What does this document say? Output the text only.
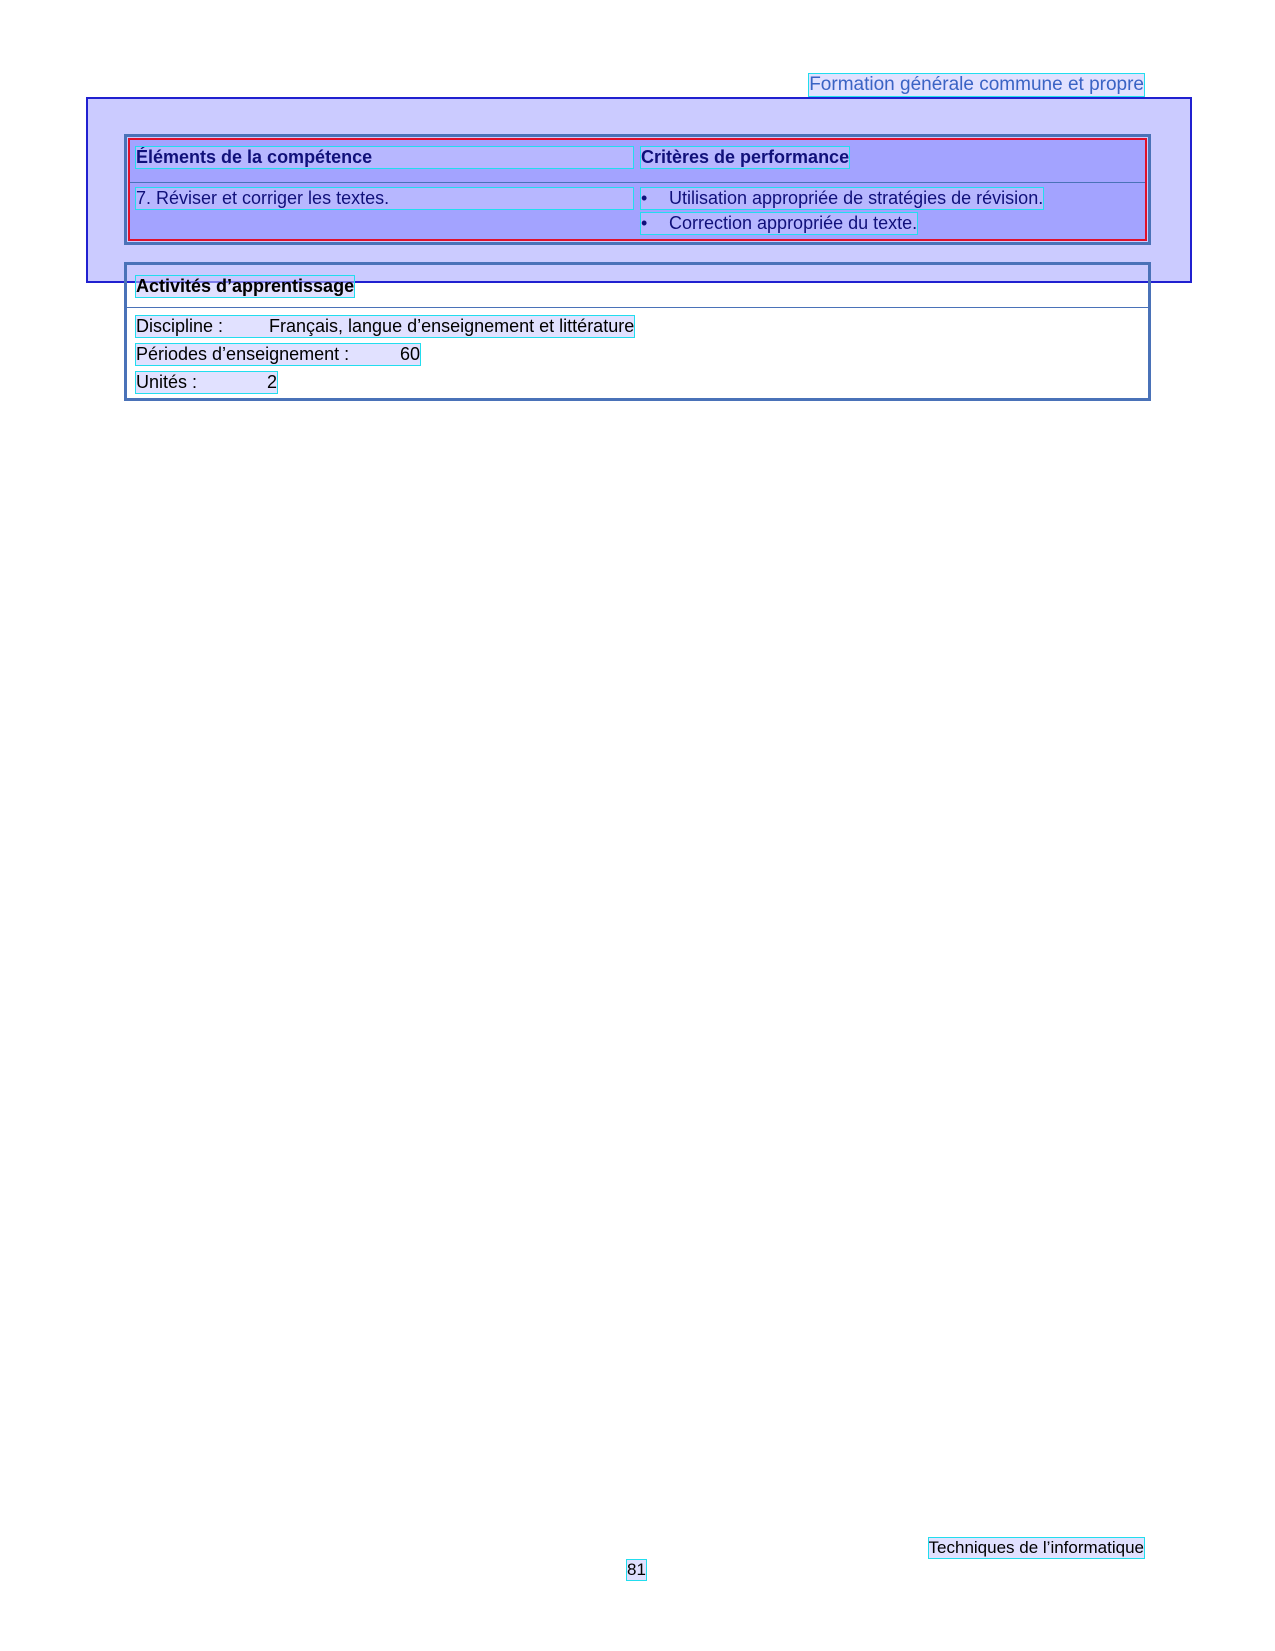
Formation générale commune et propre
Éléments de la compétence	Critères de performance
7. Réviser et corriger les textes.	• Utilisation appropriée de stratégies de révision.
• Correction appropriée du texte.
Activités d’apprentissage
Discipline :	Français, langue d’enseignement et littérature
Périodes d’enseignement :	60
Unités :	2
Techniques de l’informatique
81
